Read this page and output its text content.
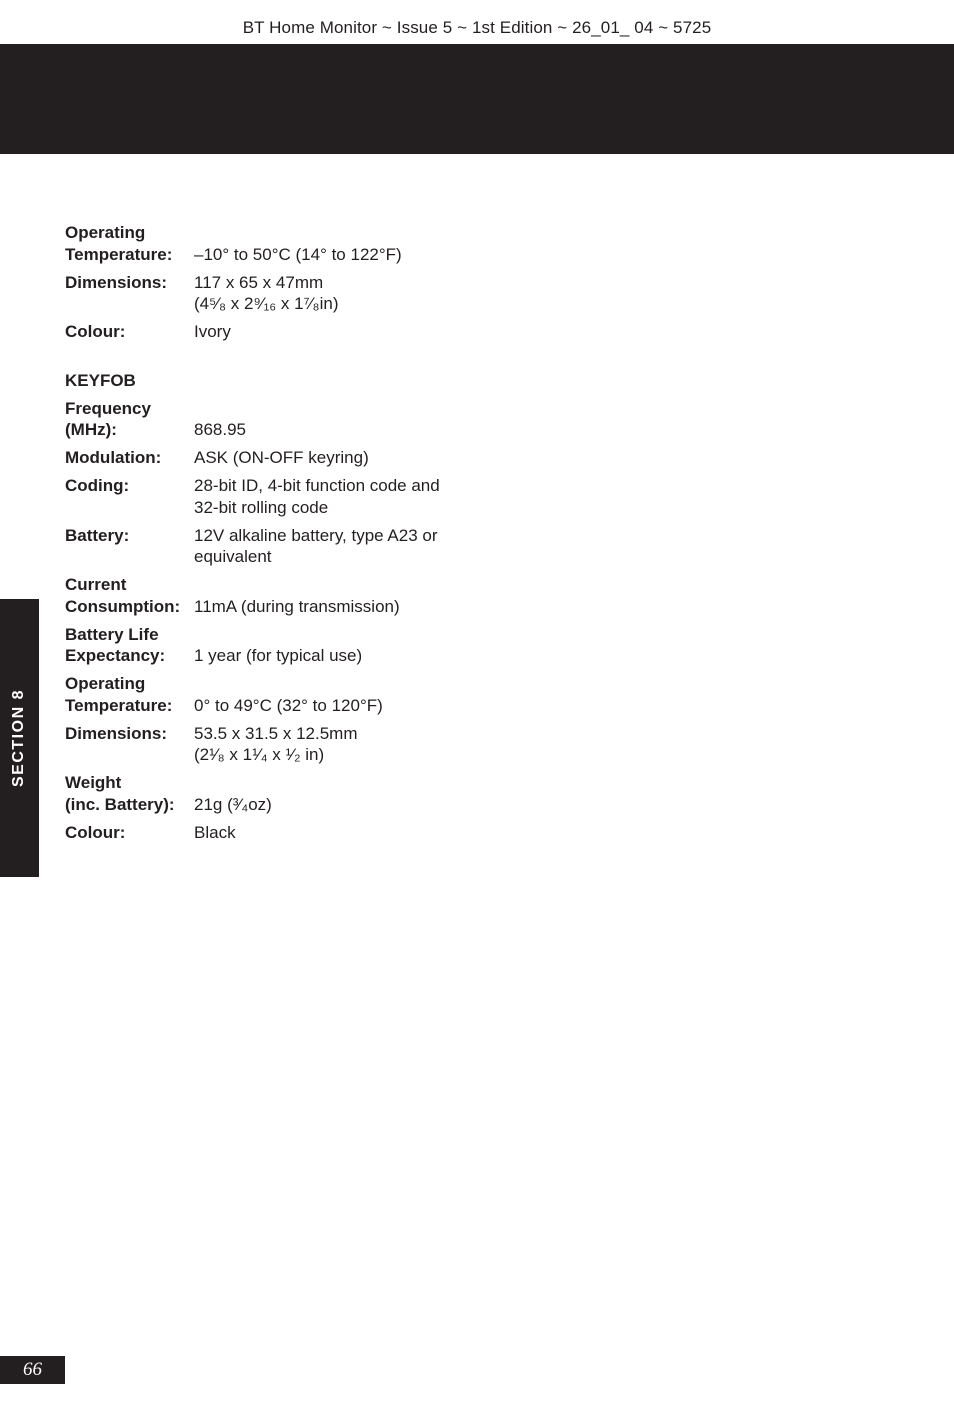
BT Home Monitor ~ Issue 5 ~ 1st Edition ~ 26_01_ 04 ~ 5725
SECTION 8
Operating
Temperature:	–10° to 50°C (14° to 122°F)
Dimensions:	117 x 65 x 47mm
(4⁵⁄₈ x 2⁹⁄₁₆ x 1⁷⁄₈in)
Colour:	Ivory
KEYFOB
Frequency
(MHz):	868.95
Modulation:	ASK (ON-OFF keyring)
Coding:	28-bit ID, 4-bit function code and
32-bit rolling code
Battery:	12V alkaline battery, type A23 or
equivalent
Current
Consumption: 11mA (during transmission)
Battery Life
Expectancy:	1 year (for typical use)
Operating
Temperature:	0° to 49°C (32° to 120°F)
Dimensions:	53.5 x 31.5 x 12.5mm
(2¹⁄₈ x 1¹⁄₄ x ¹⁄₂ in)
Weight
(inc. Battery):	21g (³⁄₄oz)
Colour:	Black
66
